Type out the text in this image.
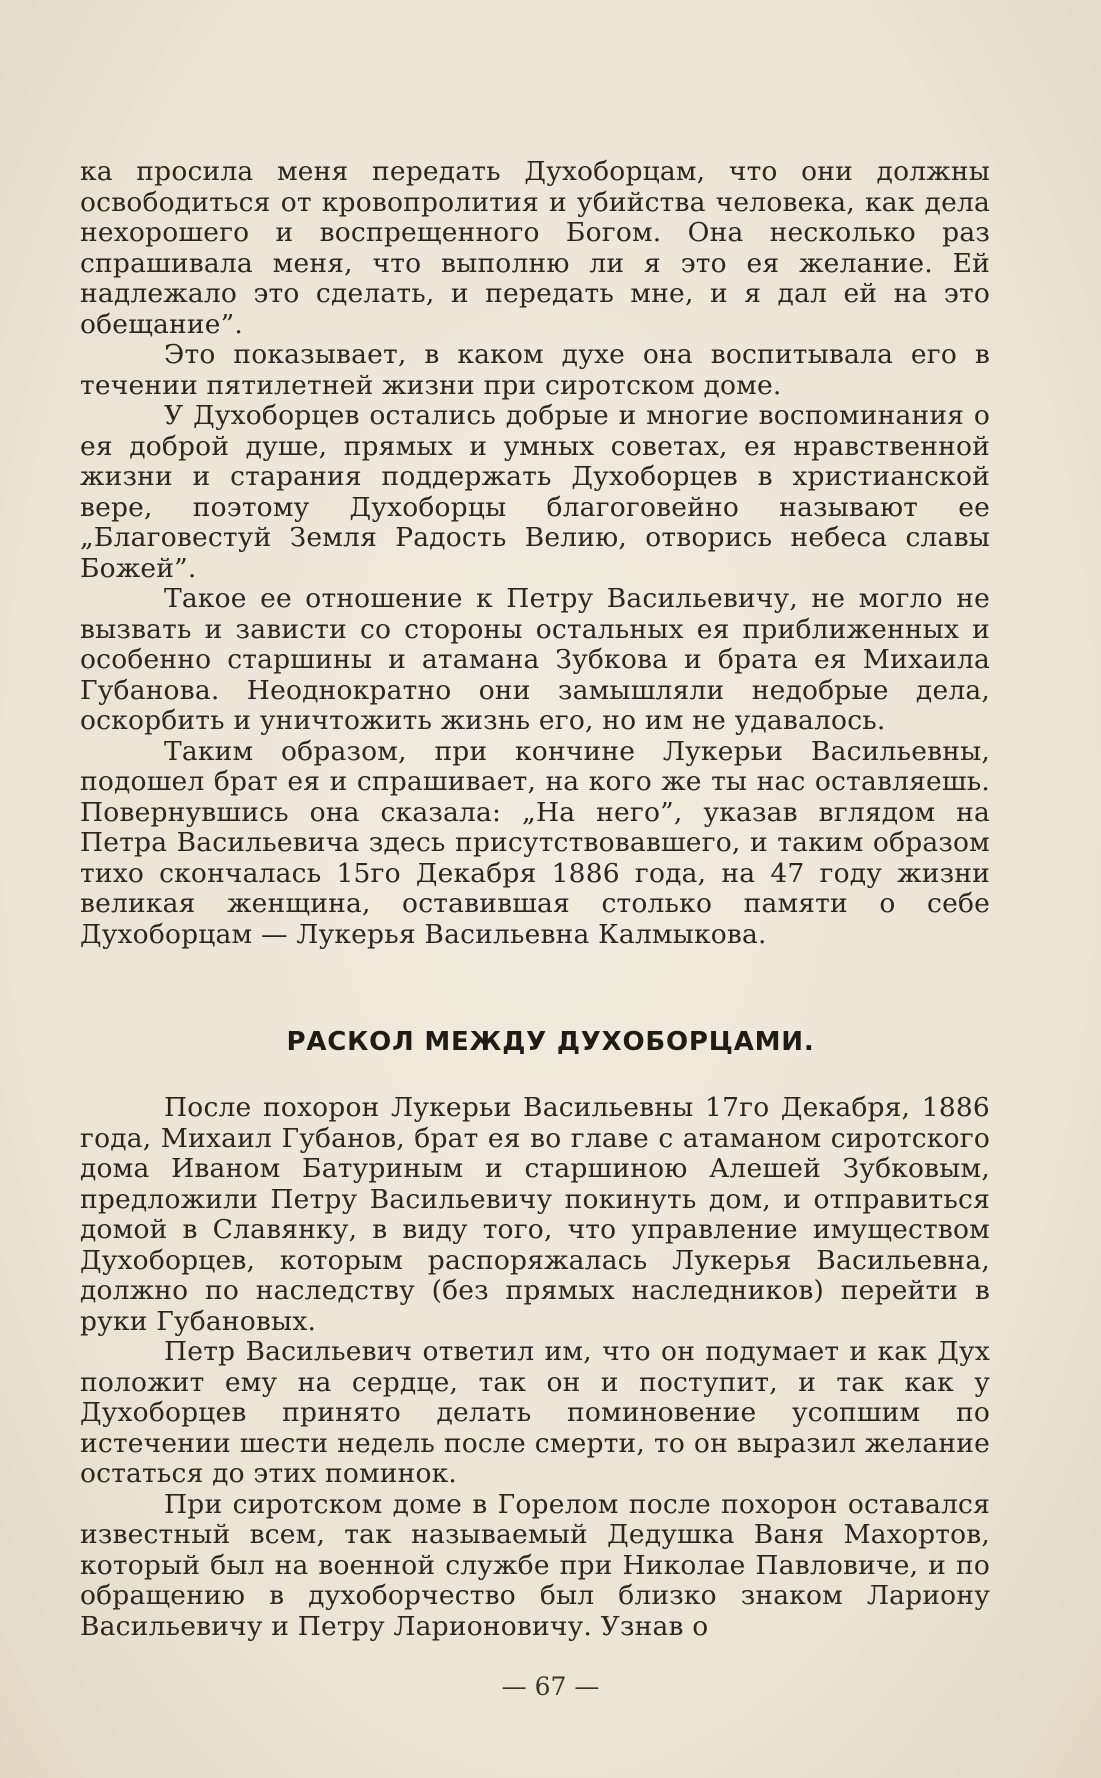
ка просила меня передать Духоборцам, что они должны освободиться от кровопролития и убийства человека, как дела нехорошего и воспрещенного Богом. Она несколько раз спрашивала меня, что выполню ли я это ея желание. Ей надлежало это сделать, и передать мне, и я дал ей на это обещание”.

Это показывает, в каком духе она воспитывала его в течении пятилетней жизни при сиротском доме.

У Духоборцев остались добрые и многие воспоминания о ея доброй душе, прямых и умных советах, ея нравственной жизни и старания поддержать Духоборцев в христианской вере, поэтому Духоборцы благоговейно называют ее „Благовестуй Земля Радость Велию, отворись небеса славы Божей”.

Такое ее отношение к Петру Васильевичу, не могло не вызвать и зависти со стороны остальных ея приближенных и особенно старшины и атамана Зубкова и брата ея Михаила Губанова. Неоднократно они замышляли недобрые дела, оскорбить и уничтожить жизнь его, но им не удавалось.

Таким образом, при кончине Лукерьи Васильевны, подошел брат ея и спрашивает, на кого же ты нас оставляешь. Повернувшись она сказала: „На него”, указав вглядом на Петра Васильевича здесь присутствовавшего, и таким образом тихо скончалась 15го Декабря 1886 года, на 47 году жизни великая женщина, оставившая столько памяти о себе Духоборцам — Лукерья Васильевна Калмыкова.

РАСКОЛ МЕЖДУ ДУХОБОРЦАМИ.

После похорон Лукерьи Васильевны 17го Декабря, 1886 года, Михаил Губанов, брат ея во главе с атаманом сиротского дома Иваном Батуриным и старшиною Алешей Зубковым, предложили Петру Васильевичу покинуть дом, и отправиться домой в Славянку, в виду того, что управление имуществом Духоборцев, которым распоряжалась Лукерья Васильевна, должно по наследству (без прямых наследников) перейти в руки Губановых.

Петр Васильевич ответил им, что он подумает и как Дух положит ему на сердце, так он и поступит, и так как у Духоборцев принято делать поминовение усопшим по истечении шести недель после смерти, то он выразил желание остаться до этих поминок.

При сиротском доме в Горелом после похорон оставался известный всем, так называемый Дедушка Ваня Махортов, который был на военной службе при Николае Павловиче, и по обращению в духоборчество был близко знаком Лариону Васильевичу и Петру Ларионовичу. Узнав о

— 67 —
